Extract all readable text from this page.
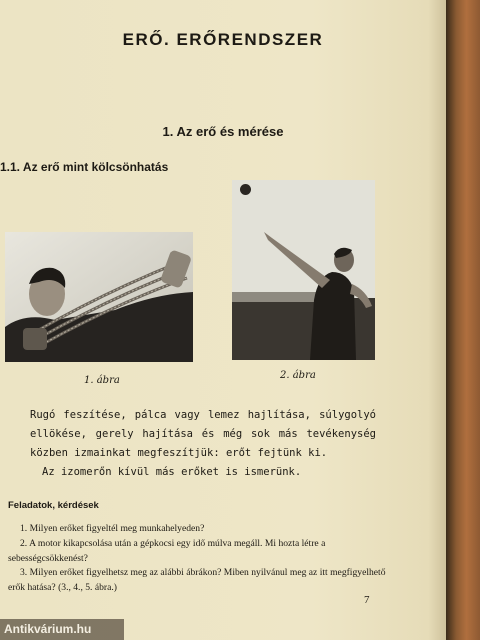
ERŐ. ERŐRENDSZER
1. Az erő és mérése
1.1. Az erő mint kölcsönhatás
1. ábra	2. ábra

Rugó feszítése, pálca vagy lemez hajlítása, súlygolyó ellökése, gerely hajítása és még sok más tevékenység közben izmainkat megfeszítjük: erőt fejtünk ki.

Az izomerőn kívül más erőket is ismerünk.

Feladatok, kérdések

1. Milyen erőket figyeltél meg munkahelyeden?

2. A motor kikapcsolása után a gépkocsi egy idő múlva megáll. Mi hozta létre a sebességcsökkenést?

3. Milyen erőket figyelhetsz meg az alábbi ábrákon? Miben nyilvánul meg az itt megfigyelhető erők hatása? (3., 4., 5. ábra.)

7
Antikvárium.hu
